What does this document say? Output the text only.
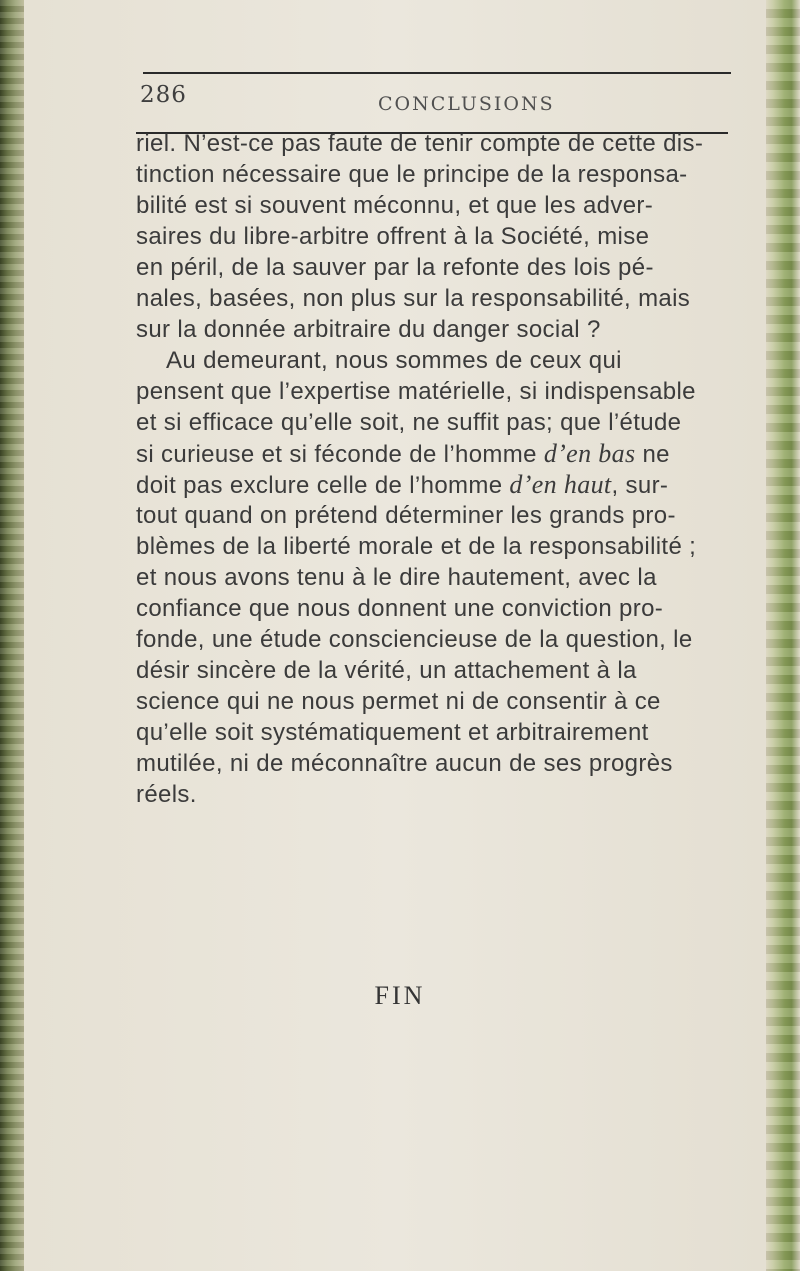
286	CONCLUSIONS
riel. N’est-ce pas faute de tenir compte de cette dis-
tinction nécessaire que le principe de la responsa-
bilité est si souvent méconnu, et que les adver-
saires du libre-arbitre offrent à la Société, mise
en péril, de la sauver par la refonte des lois pé-
nales, basées, non plus sur la responsabilité, mais
sur la donnée arbitraire du danger social ?
Au demeurant, nous sommes de ceux qui
pensent que l’expertise matérielle, si indispensable
et si efficace qu’elle soit, ne suffit pas; que l’étude
si curieuse et si féconde de l’homme d’en bas ne
doit pas exclure celle de l’homme d’en haut, sur-
tout quand on prétend déterminer les grands pro-
blèmes de la liberté morale et de la responsabilité ;
et nous avons tenu à le dire hautement, avec la
confiance que nous donnent une conviction pro-
fonde, une étude consciencieuse de la question, le
désir sincère de la vérité, un attachement à la
science qui ne nous permet ni de consentir à ce
qu’elle soit systématiquement et arbitrairement
mutilée, ni de méconnaître aucun de ses progrès
réels.
FIN
